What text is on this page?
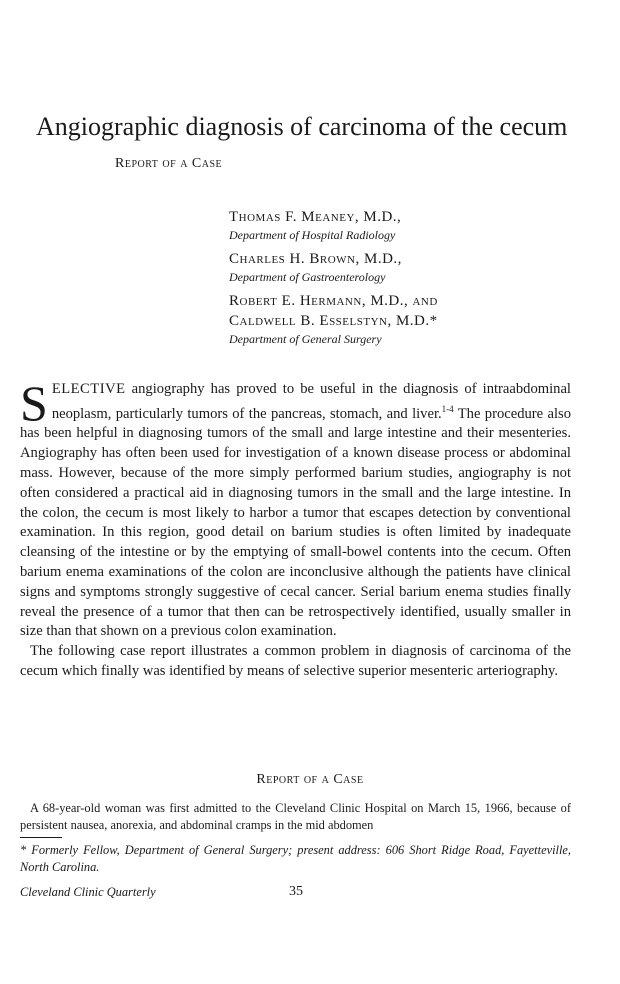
Angiographic diagnosis of carcinoma of the cecum
Report of a Case
Thomas F. Meaney, M.D.,
Department of Hospital Radiology
Charles H. Brown, M.D.,
Department of Gastroenterology
Robert E. Hermann, M.D., and
Caldwell B. Esselstyn, M.D.*
Department of General Surgery

SELECTIVE angiography has proved to be useful in the diagnosis of intraabdominal neoplasm, particularly tumors of the pancreas, stomach, and liver.$^{1-4}$ The procedure also has been helpful in diagnosing tumors of the small and large intestine and their mesenteries. Angiography has often been used for investigation of a known disease process or abdominal mass. However, because of the more simply performed barium studies, angiography is not often considered a practical aid in diagnosing tumors in the small and the large intestine. In the colon, the cecum is most likely to harbor a tumor that escapes detection by conventional examination. In this region, good detail on barium studies is often limited by inadequate cleansing of the intestine or by the emptying of small-bowel contents into the cecum. Often barium enema examinations of the colon are inconclusive although the patients have clinical signs and symptoms strongly suggestive of cecal cancer. Serial barium enema studies finally reveal the presence of a tumor that then can be retrospectively identified, usually smaller in size than that shown on a previous colon examination.

The following case report illustrates a common problem in diagnosis of carcinoma of the cecum which finally was identified by means of selective superior mesenteric arteriography.

Report of a Case
A 68-year-old woman was first admitted to the Cleveland Clinic Hospital on March 15, 1966, because of persistent nausea, anorexia, and abdominal cramps in the mid abdomen
* Formerly Fellow, Department of General Surgery; present address: 606 Short Ridge Road, Fayetteville, North Carolina.
Cleveland Clinic Quarterly	35
